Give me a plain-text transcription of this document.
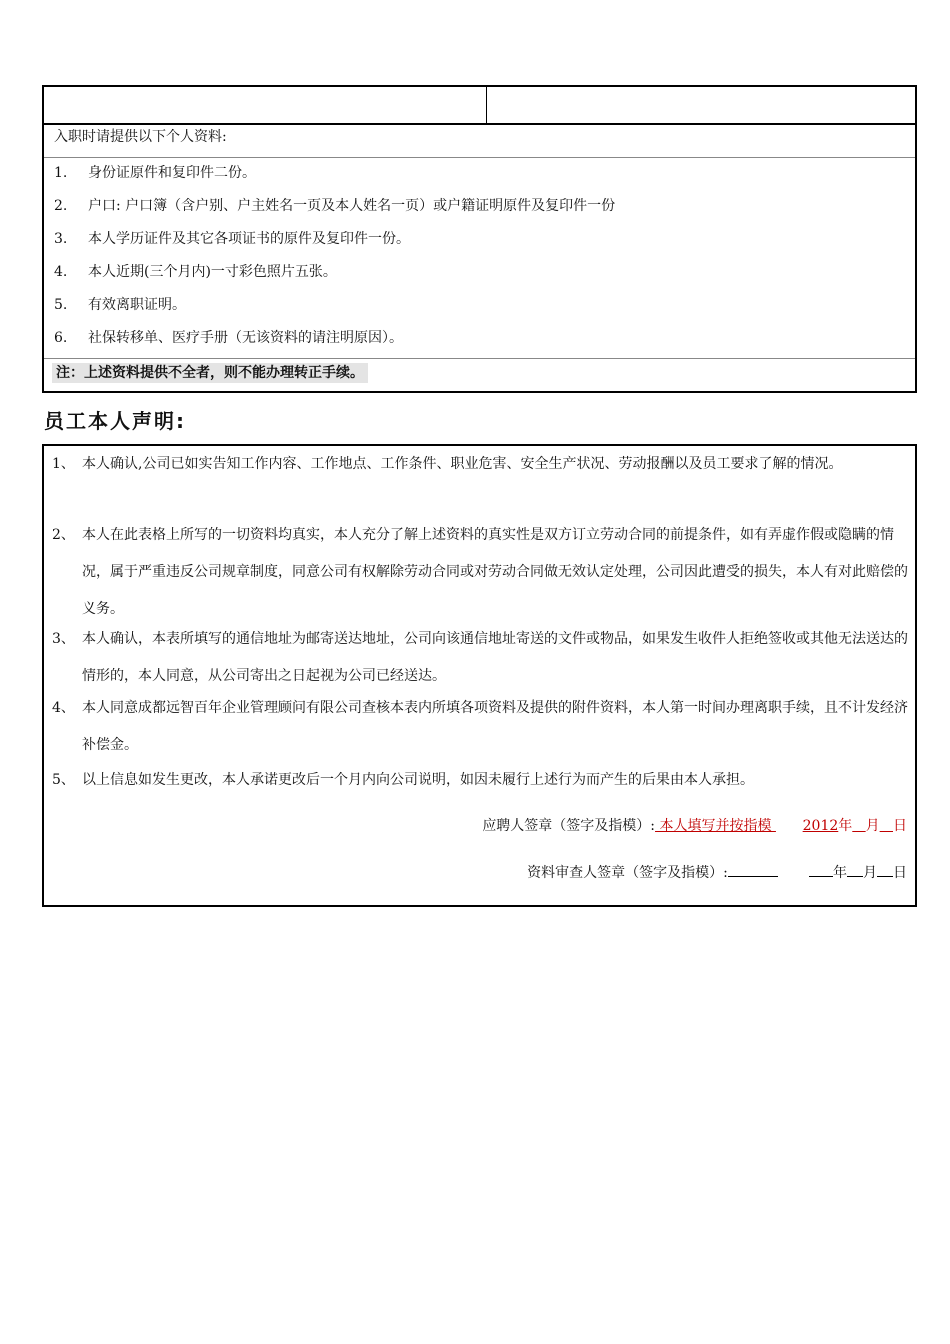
入职时请提供以下个人资料:
1. 身份证原件和复印件二份。
2. 户口: 户口簿（含户别、户主姓名一页及本人姓名一页）或户籍证明原件及复印件一份
3. 本人学历证件及其它各项证书的原件及复印件一份。
4. 本人近期(三个月内)一寸彩色照片五张。
5. 有效离职证明。
6. 社保转移单、医疗手册（无该资料的请注明原因）。
注：上述资料提供不全者，则不能办理转正手续。
员工本人声明:
1、 本人确认,公司已如实告知工作内容、工作地点、工作条件、职业危害、安全生产状况、劳动报酬以及员工要求了解的情况。
2、 本人在此表格上所写的一切资料均真实，本人充分了解上述资料的真实性是双方订立劳动合同的前提条件，如有弄虚作假或隐瞒的情况，属于严重违反公司规章制度，同意公司有权解除劳动合同或对劳动合同做无效认定处理，公司因此遭受的损失，本人有对此赔偿的义务。
3、 本人确认，本表所填写的通信地址为邮寄送达地址，公司向该通信地址寄送的文件或物品，如果发生收件人拒绝签收或其他无法送达的情形的，本人同意，从公司寄出之日起视为公司已经送达。
4、 本人同意成都远智百年企业管理顾问有限公司查核本表内所填各项资料及提供的附件资料，本人第一时间办理离职手续，且不计发经济补偿金。
5、 以上信息如发生更改，本人承诺更改后一个月内向公司说明，如因未履行上述行为而产生的后果由本人承担。
应聘人签章（签字及指模）: 本人填写并按指模       2012年 月 日
资料审查人签章（签字及指模）:	年 月 日
